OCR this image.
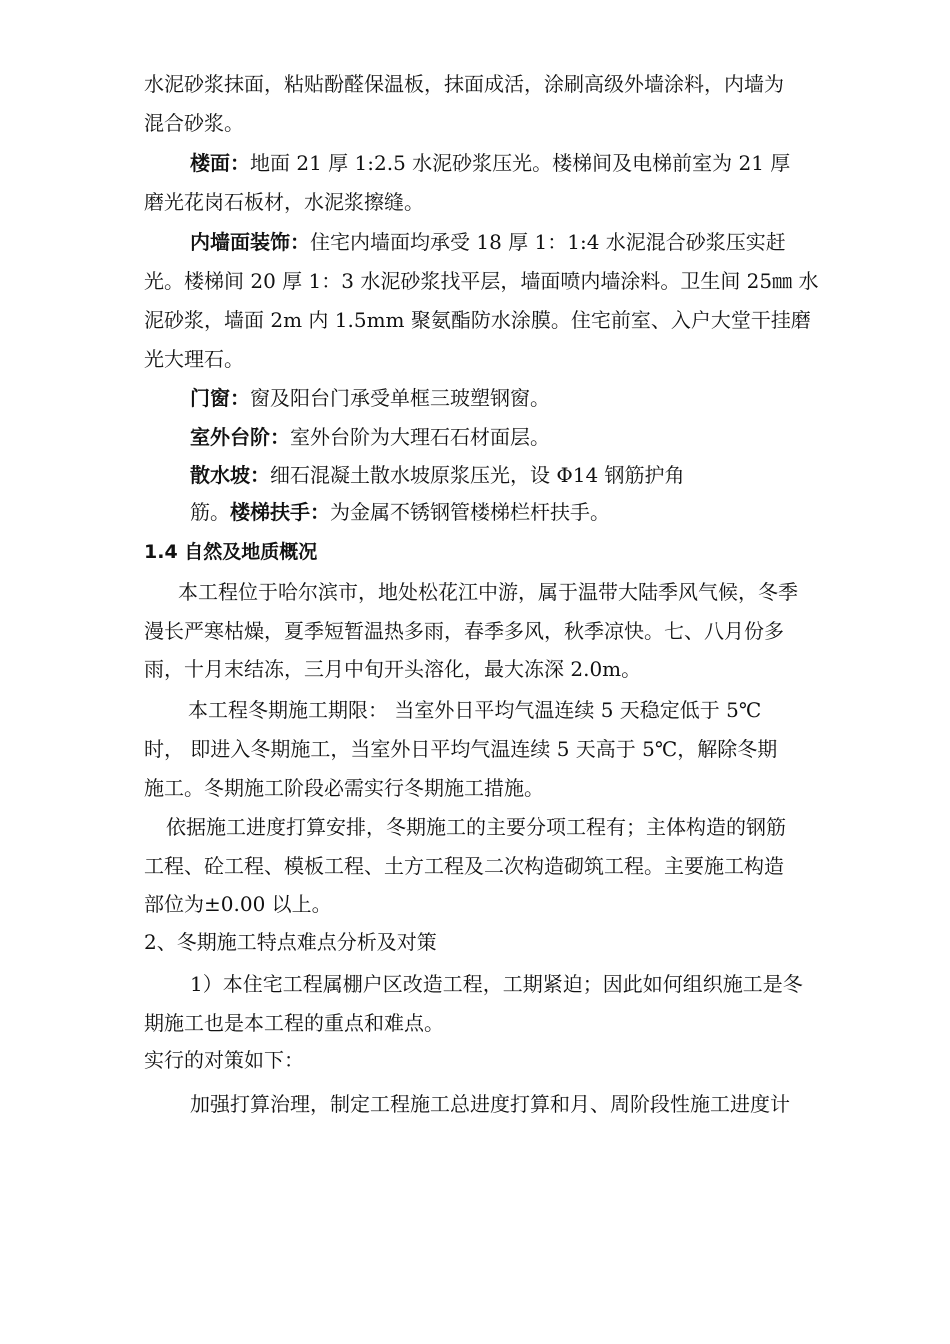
水泥砂浆抹面，粘贴酚醛保温板，抹面成活，涂刷高级外墙涂料，内墙为
混合砂浆。
楼面：地面 21 厚 1:2.5 水泥砂浆压光。楼梯间及电梯前室为 21 厚
磨光花岗石板材，水泥浆擦缝。
内墙面装饰：住宅内墙面均承受 18 厚 1：1:4 水泥混合砂浆压实赶
光。楼梯间 20 厚 1：3 水泥砂浆找平层，墙面喷内墙涂料。卫生间 25㎜ 水
泥砂浆，墙面 2m 内 1.5mm 聚氨酯防水涂膜。住宅前室、入户大堂干挂磨
光大理石。
门窗：窗及阳台门承受单框三玻塑钢窗。
室外台阶：室外台阶为大理石石材面层。
散水坡：细石混凝土散水坡原浆压光，设 Φ14 钢筋护角
筋。楼梯扶手：为金属不锈钢管楼梯栏杆扶手。
1.4 自然及地质概况
本工程位于哈尔滨市，地处松花江中游，属于温带大陆季风气候，冬季
漫长严寒枯燥，夏季短暂温热多雨，春季多风，秋季凉快。七、八月份多
雨，十月末结冻，三月中旬开头溶化，最大冻深 2.0m。
本工程冬期施工期限： 当室外日平均气温连续 5 天稳定低于 5℃
时， 即进入冬期施工，当室外日平均气温连续 5 天高于 5℃，解除冬期
施工。冬期施工阶段必需实行冬期施工措施。
依据施工进度打算安排，冬期施工的主要分项工程有；主体构造的钢筋
工程、砼工程、模板工程、土方工程及二次构造砌筑工程。主要施工构造
部位为±0.00 以上。
2、冬期施工特点难点分析及对策
1）本住宅工程属棚户区改造工程，工期紧迫；因此如何组织施工是冬
期施工也是本工程的重点和难点。
实行的对策如下：
加强打算治理，制定工程施工总进度打算和月、周阶段性施工进度计
